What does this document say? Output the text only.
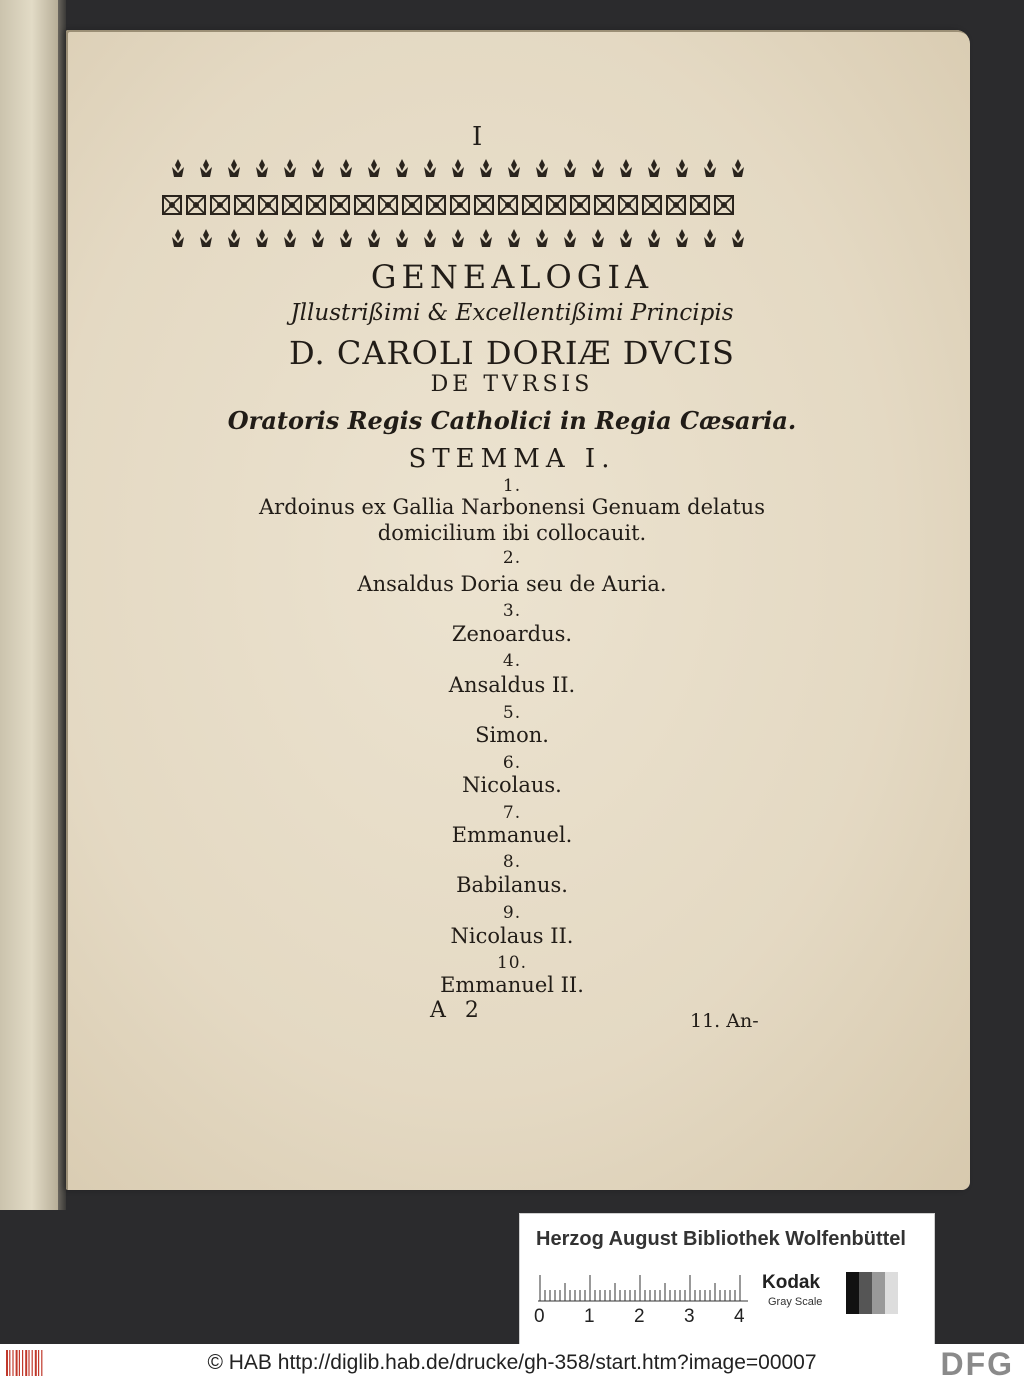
I
GENEALOGIA
Jllustrißimi & Excellentißimi Principis
D. CAROLI DORIÆ DVCIS
DE TVRSIS
Oratoris Regis Catholici in Regia Cæsaria.
STEMMA I.
1.
Ardoinus ex Gallia Narbonensi Genuam delatus
domicilium ibi collocauit.
2.
Ansaldus Doria seu de Auria.
3.
Zenoardus.
4.
Ansaldus II.
5.
Simon.
6.
Nicolaus.
7.
Emmanuel.
8.
Babilanus.
9.
Nicolaus II.
10.
Emmanuel II.
A 2	11. An-
Herzog August Bibliothek Wolfenbüttel
0 1 2 3 4
Kodak
Gray Scale
© HAB http://diglib.hab.de/drucke/gh-358/start.htm?image=00007	DFG
